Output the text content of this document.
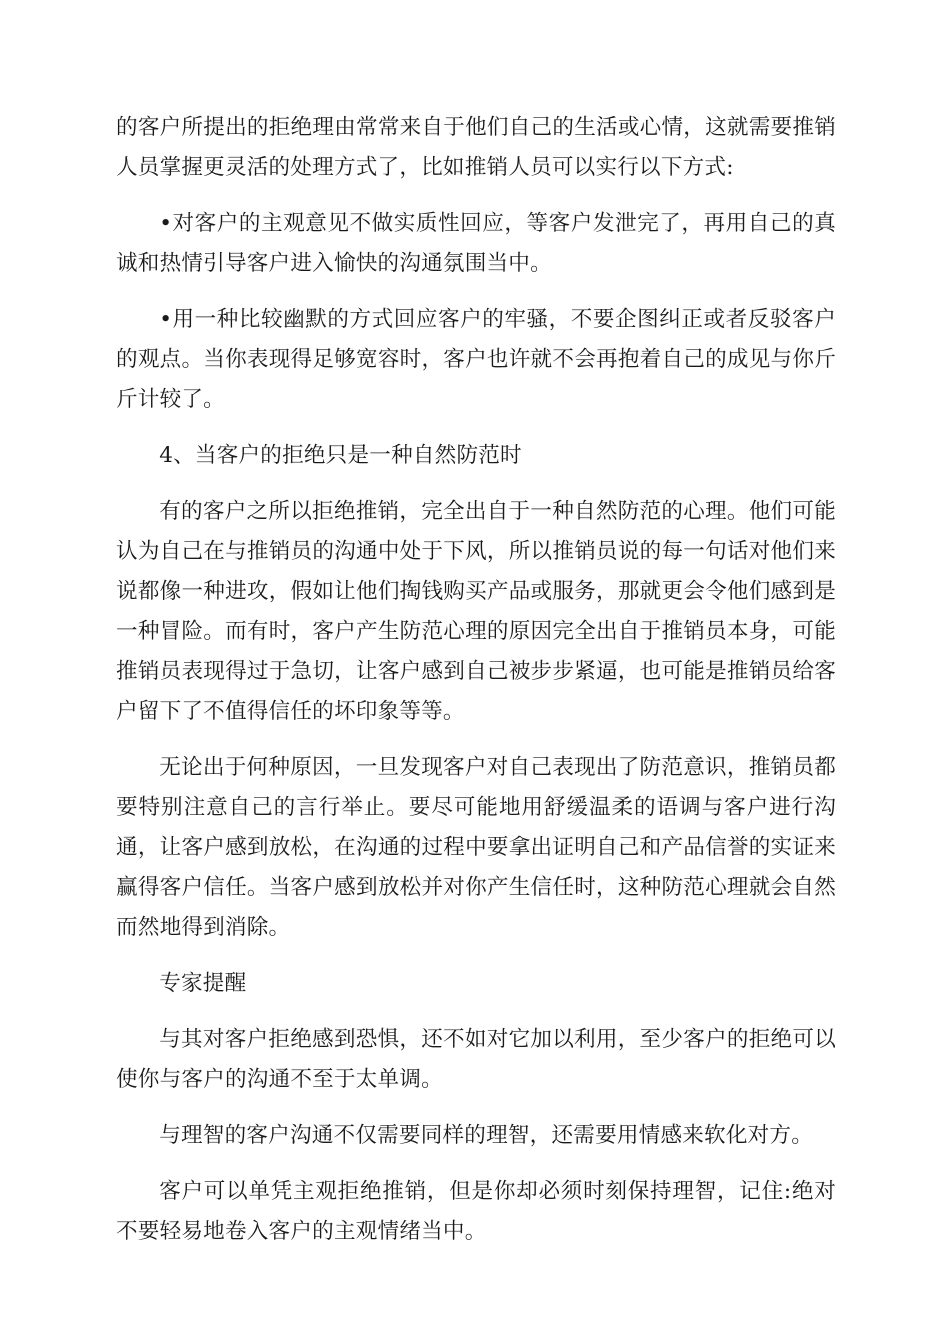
的客户所提出的拒绝理由常常来自于他们自己的生活或心情，这就需要推销人员掌握更灵活的处理方式了，比如推销人员可以实行以下方式:

•对客户的主观意见不做实质性回应，等客户发泄完了，再用自己的真诚和热情引导客户进入愉快的沟通氛围当中。

•用一种比较幽默的方式回应客户的牢骚，不要企图纠正或者反驳客户的观点。当你表现得足够宽容时，客户也许就不会再抱着自己的成见与你斤斤计较了。

4、当客户的拒绝只是一种自然防范时

有的客户之所以拒绝推销，完全出自于一种自然防范的心理。他们可能认为自己在与推销员的沟通中处于下风，所以推销员说的每一句话对他们来说都像一种进攻，假如让他们掏钱购买产品或服务，那就更会令他们感到是一种冒险。而有时，客户产生防范心理的原因完全出自于推销员本身，可能推销员表现得过于急切，让客户感到自己被步步紧逼，也可能是推销员给客户留下了不值得信任的坏印象等等。

无论出于何种原因，一旦发现客户对自己表现出了防范意识，推销员都要特别注意自己的言行举止。要尽可能地用舒缓温柔的语调与客户进行沟通，让客户感到放松，在沟通的过程中要拿出证明自己和产品信誉的实证来赢得客户信任。当客户感到放松并对你产生信任时，这种防范心理就会自然而然地得到消除。

专家提醒

与其对客户拒绝感到恐惧，还不如对它加以利用，至少客户的拒绝可以使你与客户的沟通不至于太单调。

与理智的客户沟通不仅需要同样的理智，还需要用情感来软化对方。

客户可以单凭主观拒绝推销，但是你却必须时刻保持理智，记住:绝对不要轻易地卷入客户的主观情绪当中。
